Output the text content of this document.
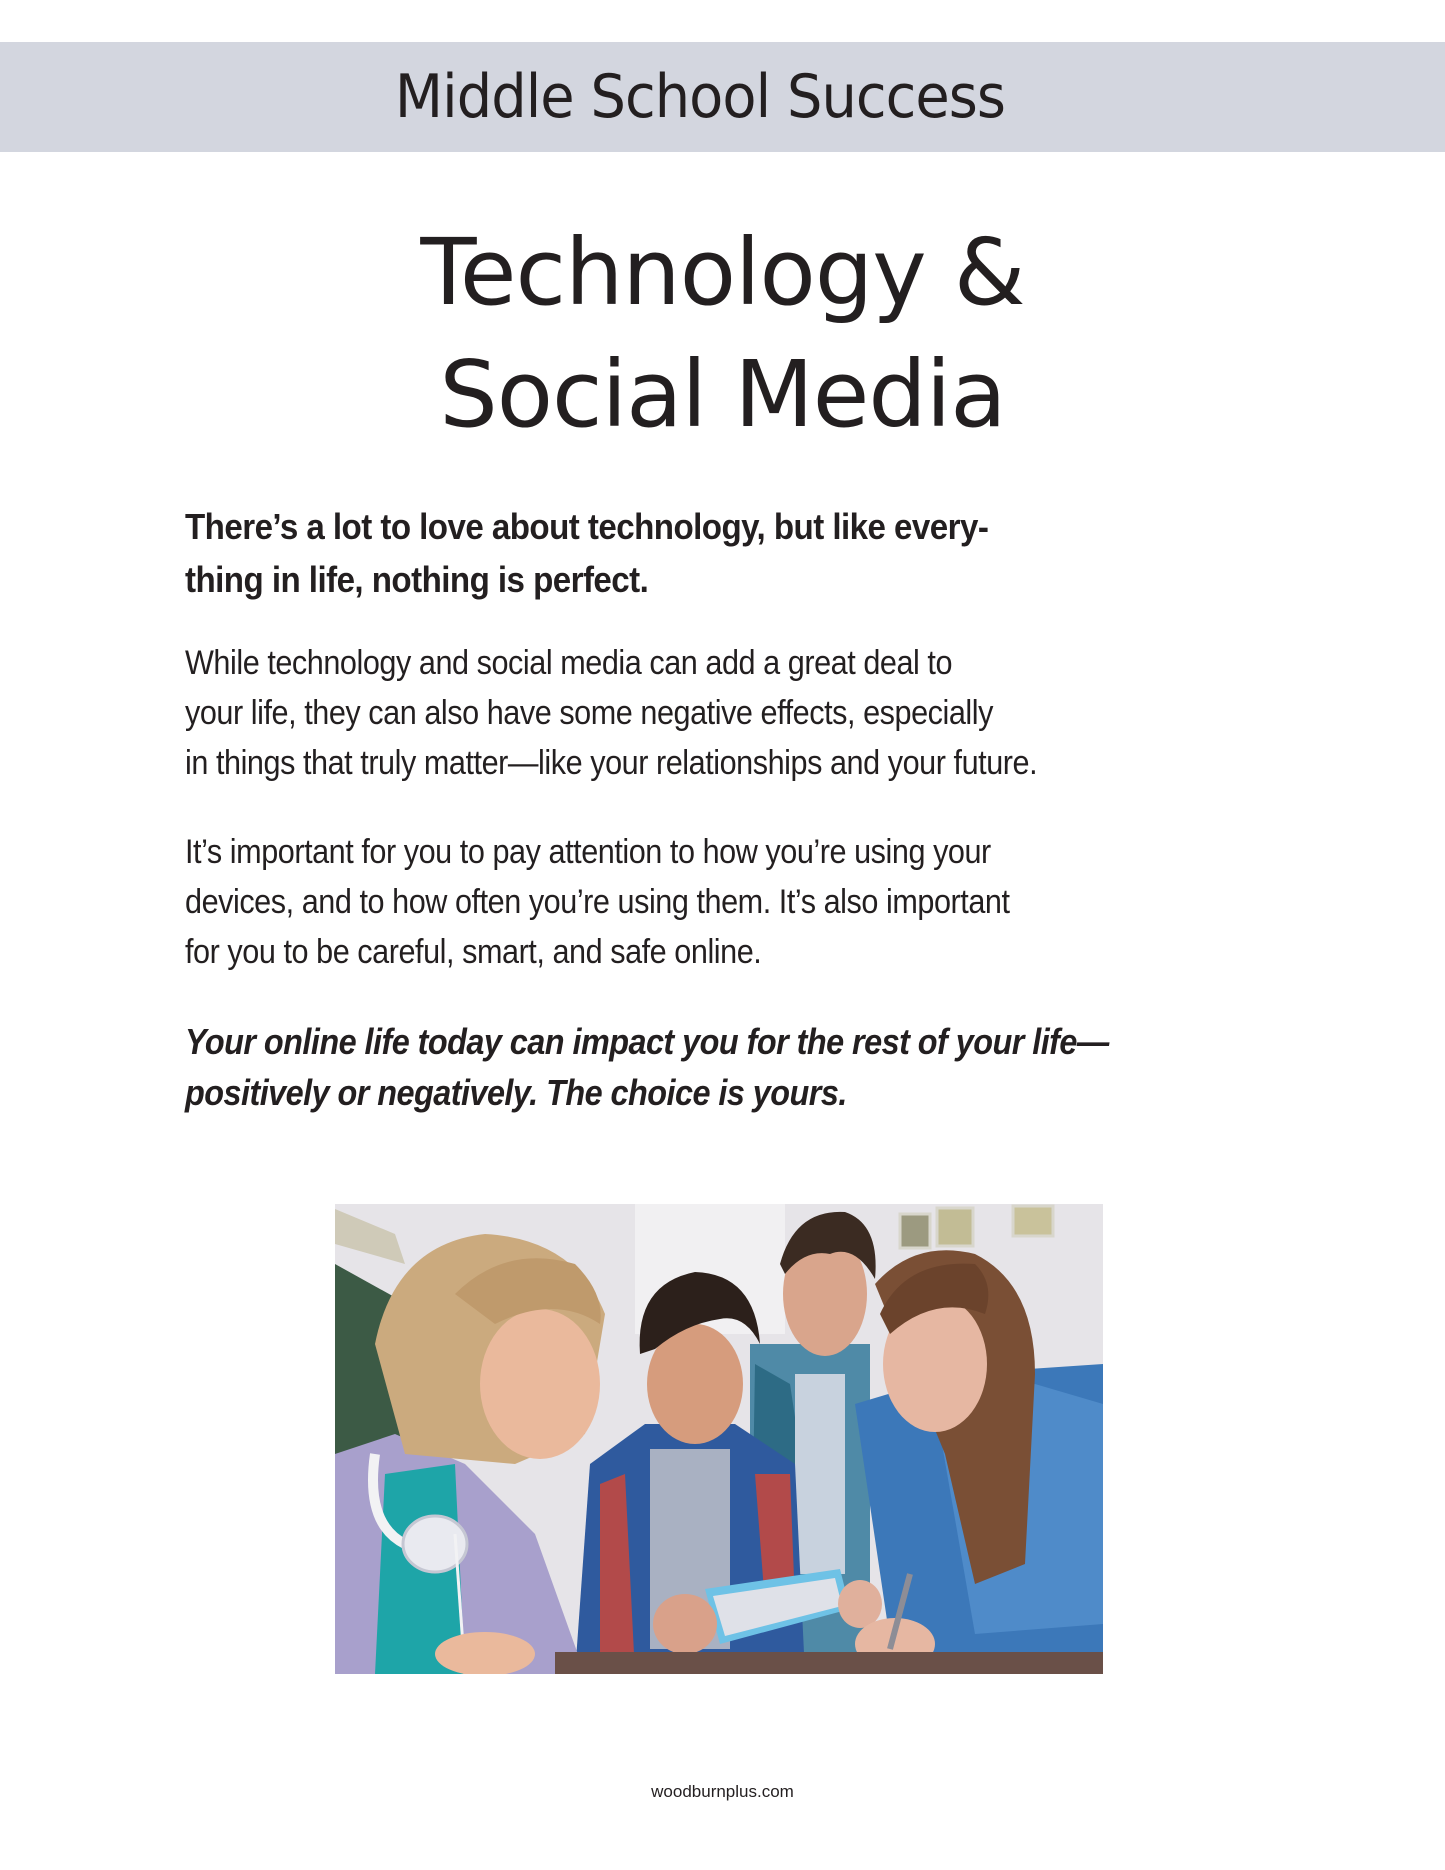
Middle School Success
Technology &
Social Media

There’s a lot to love about technology, but like every-
thing in life, nothing is perfect.

While technology and social media can add a great deal to
your life, they can also have some negative effects, especially
in things that truly matter—like your relationships and your future.

It’s important for you to pay attention to how you’re using your
devices, and to how often you’re using them. It’s also important
for you to be careful, smart, and safe online.

Your online life today can impact you for the rest of your life—
positively or negatively. The choice is yours.

woodburnplus.com
